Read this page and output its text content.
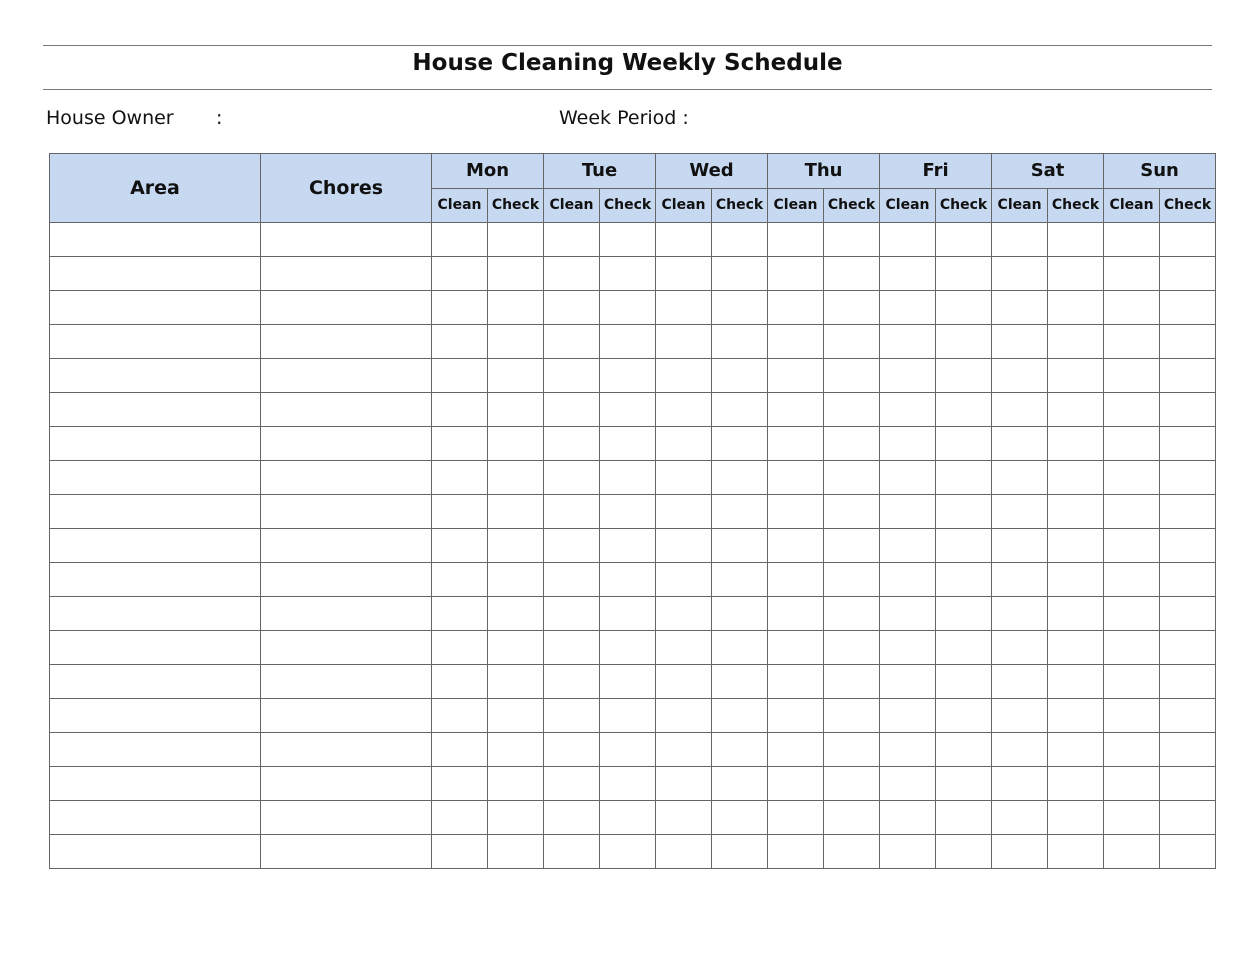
House Cleaning Weekly Schedule
House Owner :	Week Period :
Area	Chores	Mon		Tue		Wed		Thu		Fri		Sat		Sun	
		Clean	Check	Clean	Check	Clean	Check	Clean	Check	Clean	Check	Clean	Check	Clean	Check
